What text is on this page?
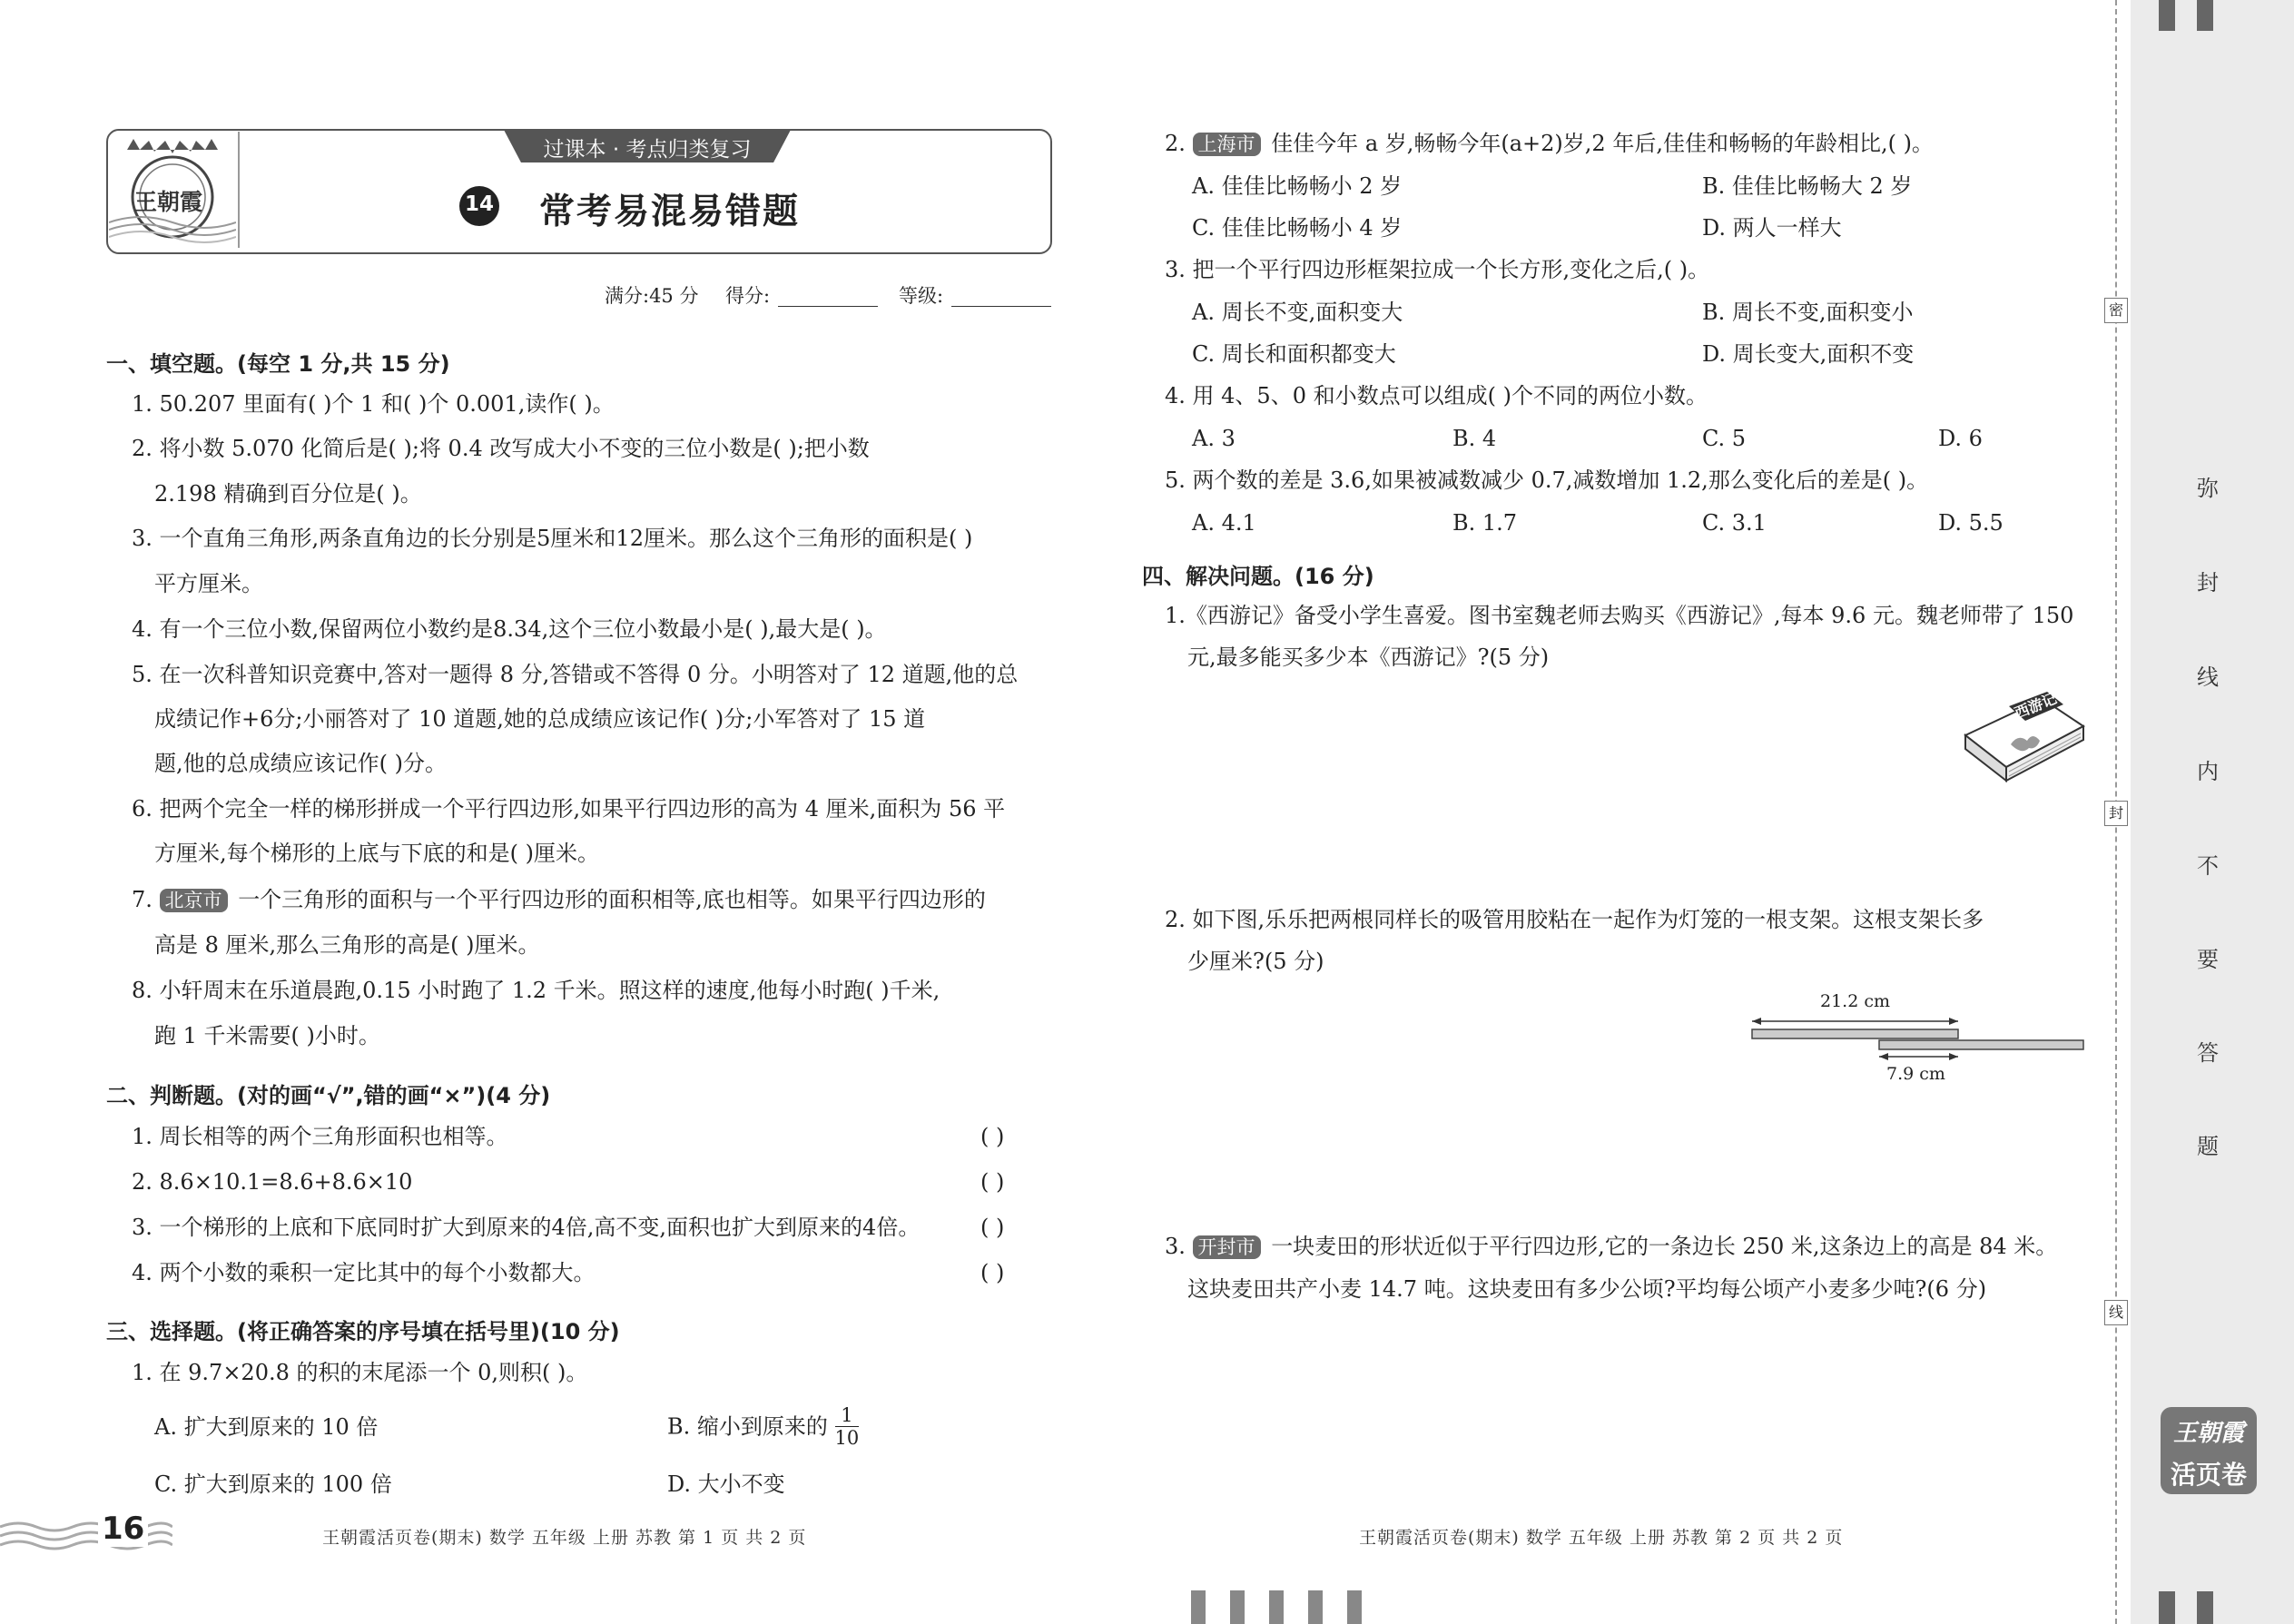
王朝霞
过课本 · 考点归类复习
14 常考易混易错题
满分:45 分 得分:	等级:
一、填空题。(每空 1 分,共 15 分)
1. 50.207 里面有( )个 1 和( )个 0.001,读作( )。
2. 将小数 5.070 化简后是( );将 0.4 改写成大小不变的三位小数是( );把小数
2.198 精确到百分位是( )。
3. 一个直角三角形,两条直角边的长分别是5厘米和12厘米。那么这个三角形的面积是( )
平方厘米。
4. 有一个三位小数,保留两位小数约是8.34,这个三位小数最小是( ),最大是( )。
5. 在一次科普知识竞赛中,答对一题得 8 分,答错或不答得 0 分。小明答对了 12 道题,他的总
成绩记作+6分;小丽答对了 10 道题,她的总成绩应该记作( )分;小军答对了 15 道
题,他的总成绩应该记作( )分。
6. 把两个完全一样的梯形拼成一个平行四边形,如果平行四边形的高为 4 厘米,面积为 56 平
方厘米,每个梯形的上底与下底的和是( )厘米。
7. 北京市 一个三角形的面积与一个平行四边形的面积相等,底也相等。如果平行四边形的
高是 8 厘米,那么三角形的高是( )厘米。
8. 小轩周末在乐道晨跑,0.15 小时跑了 1.2 千米。照这样的速度,他每小时跑( )千米,
跑 1 千米需要( )小时。
二、判断题。(对的画“√”,错的画“×”)(4 分)
1. 周长相等的两个三角形面积也相等。	( )
2. 8.6×10.1=8.6+8.6×10	( )
3. 一个梯形的上底和下底同时扩大到原来的4倍,高不变,面积也扩大到原来的4倍。	( )
4. 两个小数的乘积一定比其中的每个小数都大。	( )
三、选择题。(将正确答案的序号填在括号里)(10 分)
1. 在 9.7×20.8 的积的末尾添一个 0,则积( )。
A. 扩大到原来的 10 倍	B. 缩小到原来的 $\frac{1}{10}$
C. 扩大到原来的 100 倍	D. 大小不变
16	王朝霞活页卷(期末) 数学 五年级 上册 苏教 第 1 页 共 2 页
2. 上海市 佳佳今年 a 岁,畅畅今年(a+2)岁,2 年后,佳佳和畅畅的年龄相比,( )。
A. 佳佳比畅畅小 2 岁	B. 佳佳比畅畅大 2 岁
C. 佳佳比畅畅小 4 岁	D. 两人一样大
3. 把一个平行四边形框架拉成一个长方形,变化之后,( )。
A. 周长不变,面积变大	B. 周长不变,面积变小
C. 周长和面积都变大	D. 周长变大,面积不变
4. 用 4、5、0 和小数点可以组成( )个不同的两位小数。
A. 3	B. 4	C. 5	D. 6
5. 两个数的差是 3.6,如果被减数减少 0.7,减数增加 1.2,那么变化后的差是( )。
A. 4.1	B. 1.7	C. 3.1	D. 5.5
四、解决问题。(16 分)
1.《西游记》备受小学生喜爱。图书室魏老师去购买《西游记》,每本 9.6 元。魏老师带了 150
元,最多能买多少本《西游记》?(5 分)
西游记
2. 如下图,乐乐把两根同样长的吸管用胶粘在一起作为灯笼的一根支架。这根支架长多
少厘米?(5 分)
21.2 cm
7.9 cm
3. 开封市 一块麦田的形状近似于平行四边形,它的一条边长 250 米,这条边上的高是 84 米。
这块麦田共产小麦 14.7 吨。这块麦田有多少公顷?平均每公顷产小麦多少吨?(6 分)
王朝霞活页卷(期末) 数学 五年级 上册 苏教 第 2 页 共 2 页
密
封
线
弥
封
线
内
不
要
答
题
王朝霞
活页卷
